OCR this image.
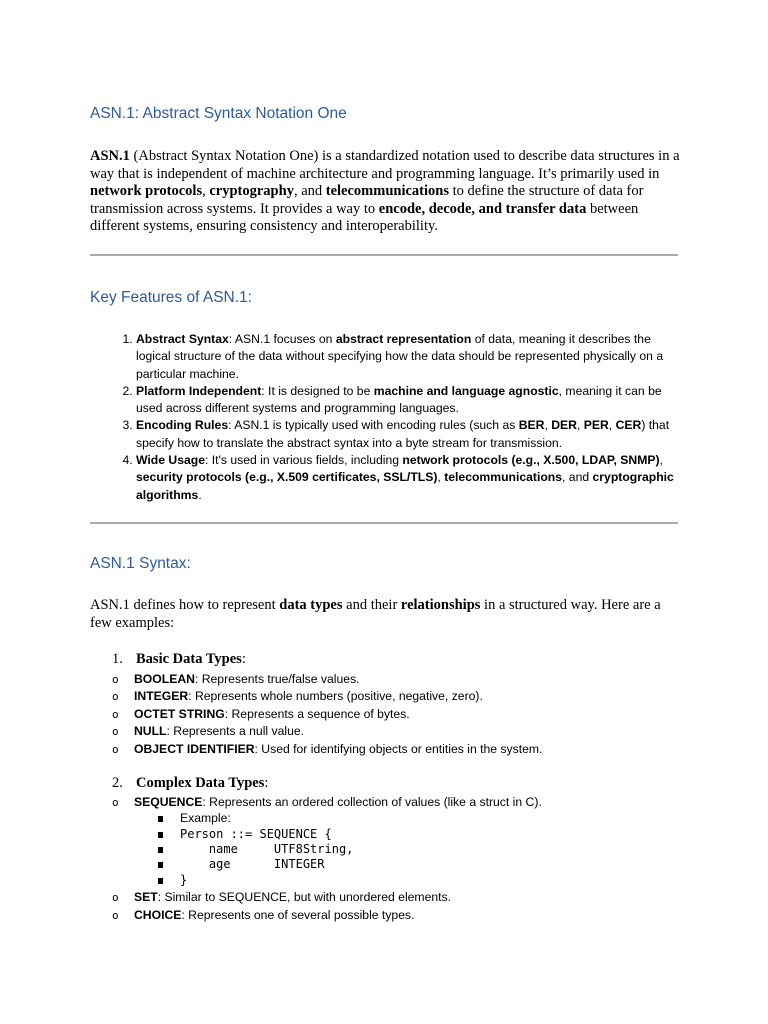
ASN.1: Abstract Syntax Notation One

ASN.1 (Abstract Syntax Notation One) is a standardized notation used to describe data structures in a way that is independent of machine architecture and programming language. It’s primarily used in network protocols, cryptography, and telecommunications to define the structure of data for transmission across systems. It provides a way to encode, decode, and transfer data between different systems, ensuring consistency and interoperability.

Key Features of ASN.1:
1. Abstract Syntax: ASN.1 focuses on abstract representation of data, meaning it describes the logical structure of the data without specifying how the data should be represented physically on a particular machine.
2. Platform Independent: It is designed to be machine and language agnostic, meaning it can be used across different systems and programming languages.
3. Encoding Rules: ASN.1 is typically used with encoding rules (such as BER, DER, PER, CER) that specify how to translate the abstract syntax into a byte stream for transmission.
4. Wide Usage: It's used in various fields, including network protocols (e.g., X.500, LDAP, SNMP), security protocols (e.g., X.509 certificates, SSL/TLS), telecommunications, and cryptographic algorithms.
ASN.1 Syntax:

ASN.1 defines how to represent data types and their relationships in a structured way. Here are a few examples:

1. Basic Data Types:
o BOOLEAN: Represents true/false values.
o INTEGER: Represents whole numbers (positive, negative, zero).
o OCTET STRING: Represents a sequence of bytes.
o NULL: Represents a null value.
o OBJECT IDENTIFIER: Used for identifying objects or entities in the system.
2. Complex Data Types:
o SEQUENCE: Represents an ordered collection of values (like a struct in C).
Example:
Person ::= SEQUENCE {
name     UTF8String,
age      INTEGER
}
o SET: Similar to SEQUENCE, but with unordered elements.
o CHOICE: Represents one of several possible types.
